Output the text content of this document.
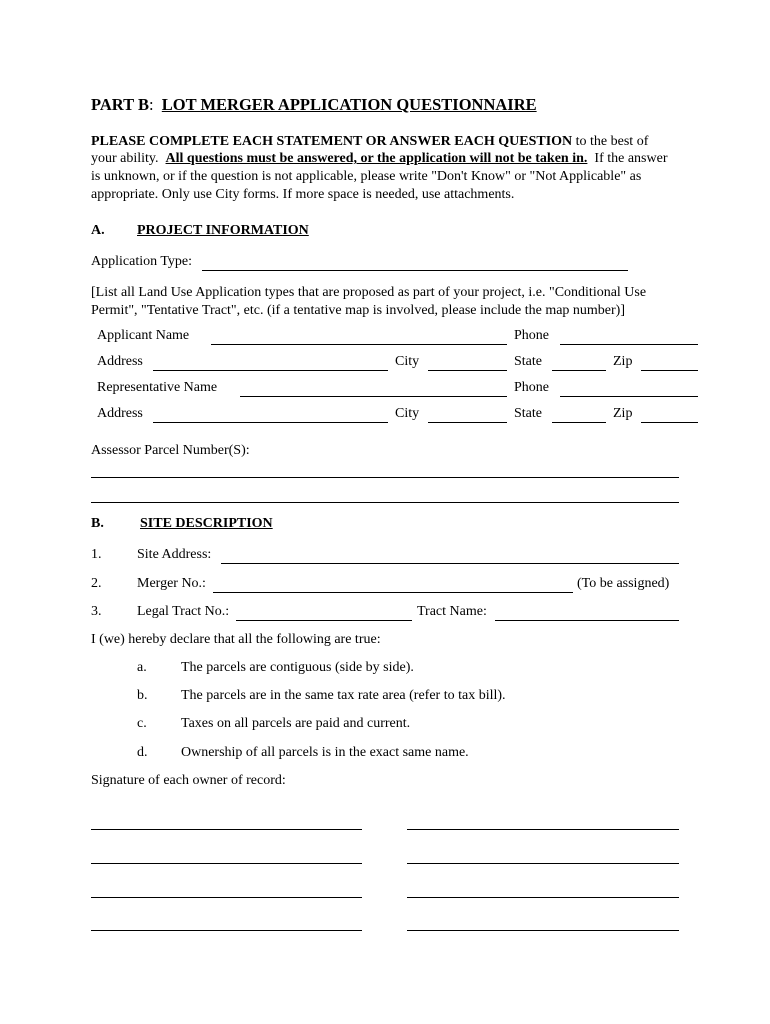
PART B: LOT MERGER APPLICATION QUESTIONNAIRE
PLEASE COMPLETE EACH STATEMENT OR ANSWER EACH QUESTION to the best of
your ability. All questions must be answered, or the application will not be taken in. If the answer
is unknown, or if the question is not applicable, please write "Don't Know" or "Not Applicable" as
appropriate. Only use City forms. If more space is needed, use attachments.
A. PROJECT INFORMATION
Application Type:
[List all Land Use Application types that are proposed as part of your project, i.e. "Conditional Use
Permit", "Tentative Tract", etc. (if a tentative map is involved, please include the map number)]
Applicant Name	Phone
Address	City	State	Zip
Representative Name	Phone
Address	City	State	Zip
Assessor Parcel Number(S):
B.	SITE DESCRIPTION
1.	Site Address:
2.	Merger No.:	(To be assigned)
3.	Legal Tract No.:	Tract Name:
I (we) hereby declare that all the following are true:
a. The parcels are contiguous (side by side).
b. The parcels are in the same tax rate area (refer to tax bill).
c. Taxes on all parcels are paid and current.
d. Ownership of all parcels is in the exact same name.
Signature of each owner of record:
